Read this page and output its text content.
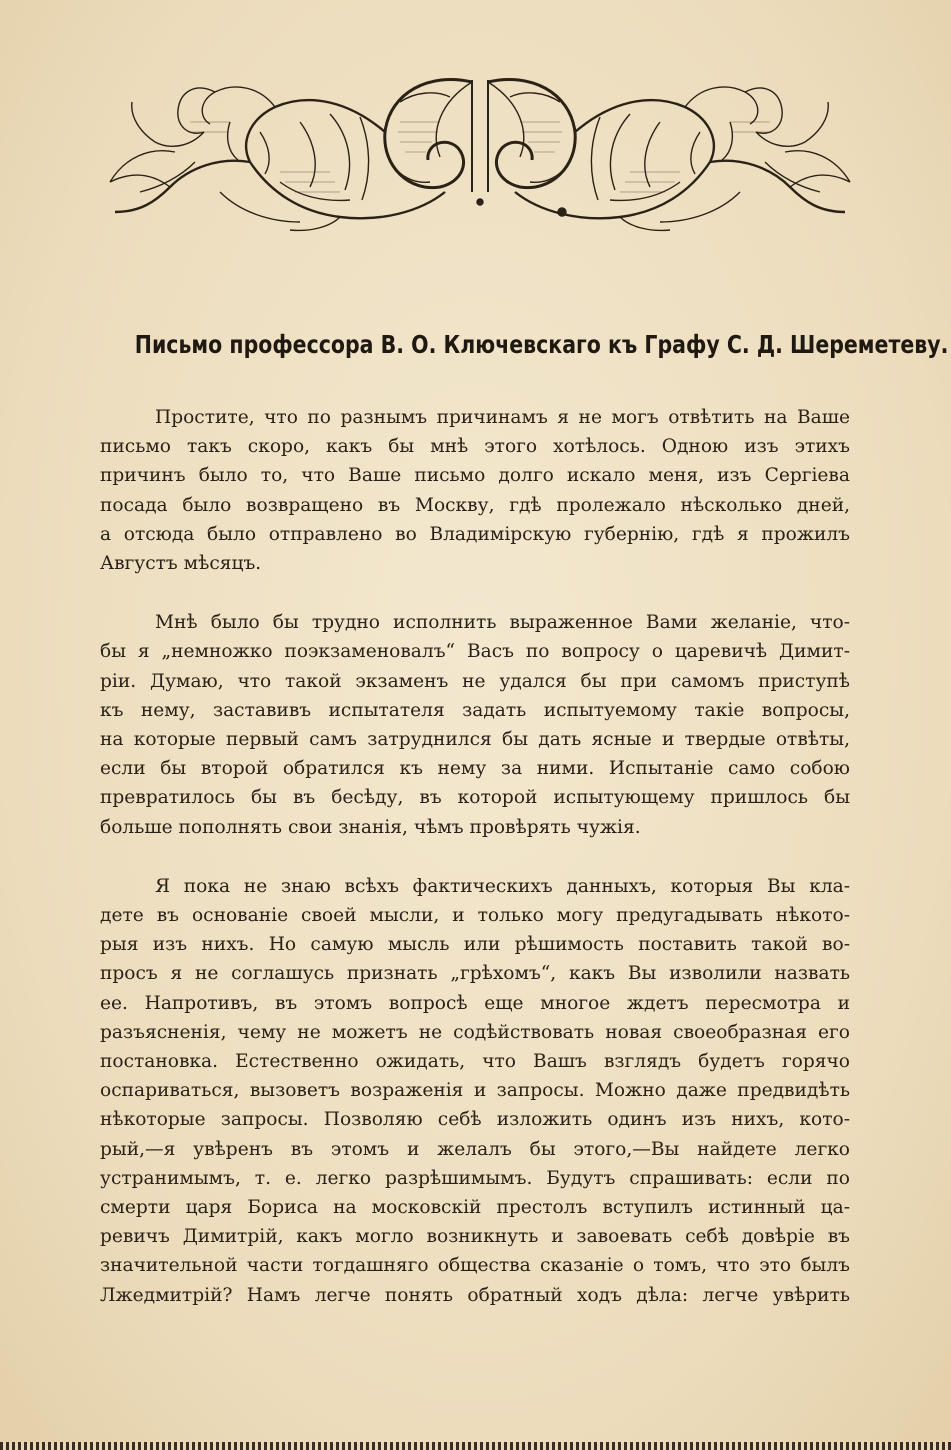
Письмо профессора В. О. Ключевскаго къ Графу С. Д. Шереметеву.
Простите, что по разнымъ причинамъ я не могъ отвѣтить на Ваше
письмо такъ скоро, какъ бы мнѣ этого хотѣлось. Одною изъ этихъ
причинъ было то, что Ваше письмо долго искало меня, изъ Сергіева
посада было возвращено въ Москву, гдѣ пролежало нѣсколько дней,
а отсюда было отправлено во Владимірскую губернію, гдѣ я прожилъ
Августъ мѣсяцъ.
Мнѣ было бы трудно исполнить выраженное Вами желаніе, что-
бы я „немножко поэкзаменовалъ“ Васъ по вопросу о царевичѣ Димит-
ріи. Думаю, что такой экзаменъ не удался бы при самомъ приступѣ
къ нему, заставивъ испытателя задать испытуемому такіе вопросы,
на которые первый самъ затруднился бы дать ясные и твердые отвѣты,
если бы второй обратился къ нему за ними. Испытаніе само собою
превратилось бы въ бесѣду, въ которой испытующему пришлось бы
больше пополнять свои знанія, чѣмъ провѣрять чужія.
Я пока не знаю всѣхъ фактическихъ данныхъ, которыя Вы кла-
дете въ основаніе своей мысли, и только могу предугадывать нѣкото-
рыя изъ нихъ. Но самую мысль или рѣшимость поставить такой во-
просъ я не соглашусь признать „грѣхомъ“, какъ Вы изволили назвать
ее. Напротивъ, въ этомъ вопросѣ еще многое ждетъ пересмотра и
разъясненія, чему не можетъ не содѣйствовать новая своеобразная его
постановка. Естественно ожидать, что Вашъ взглядъ будетъ горячо
оспариваться, вызоветъ возраженія и запросы. Можно даже предвидѣть
нѣкоторые запросы. Позволяю себѣ изложить одинъ изъ нихъ, кото-
рый,—я увѣренъ въ этомъ и желалъ бы этого,—Вы найдете легко
устранимымъ, т. е. легко разрѣшимымъ. Будутъ спрашивать: если по
смерти царя Бориса на московскій престолъ вступилъ истинный ца-
ревичъ Димитрій, какъ могло возникнуть и завоевать себѣ довѣріе въ
значительной части тогдашняго общества сказаніе о томъ, что это былъ
Лжедмитрій? Намъ легче понять обратный ходъ дѣла: легче увѣрить
